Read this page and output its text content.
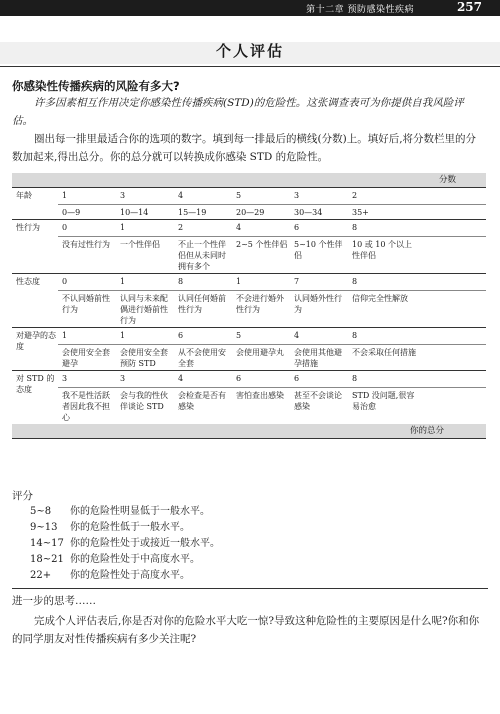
第十二章 预防感染性疾病	257
个人评估
你感染性传播疾病的风险有多大?

许多因素相互作用决定你感染性传播疾病(STD)的危险性。这张调查表可为你提供自我风险评估。

圈出每一排里最适合你的选项的数字。填到每一排最后的横线(分数)上。填好后,将分数栏里的分数加起来,得出总分。你的总分就可以转换成你感染 STD 的危险性。

分数
年龄	1	3	4	5	3	2	
	0—9	10—14	15—19	20—29	30—34	35+	
性行为	0	1	2	4	6	8	
	没有过性行为	一个性伴侣	不止一个性伴侣但从未同时拥有多个	2~5 个性伴侣	5~10 个性伴侣	10 或 10 个以上性伴侣	
性态度	0	1	8	1	7	8	
	不认同婚前性行为	认同与未来配偶进行婚前性行为	认同任何婚前性行为	不会进行婚外性行为	认同婚外性行为	信仰完全性解放	
对避孕的态度	1	1	6	5	4	8	
	会使用安全套避孕	会使用安全套预防 STD	从不会使用安全套	会使用避孕丸	会使用其他避孕措施	不会采取任何措施	
对 STD 的态度	3	3	4	6	6	8	
	我不是性活跃者因此我不担心	会与我的性伙伴谈论 STD	会检查是否有感染	害怕查出感染	甚至不会谈论感染	STD 没问题,很容易治愈	
你的总分
评分
5~8 你的危险性明显低于一般水平。
9~13 你的危险性低于一般水平。
14~17 你的危险性处于或接近一般水平。
18~21 你的危险性处于中高度水平。
22+ 你的危险性处于高度水平。
进一步的思考……

完成个人评估表后,你是否对你的危险水平大吃一惊?导致这种危险性的主要原因是什么呢?你和你的同学朋友对性传播疾病有多少关注呢?
